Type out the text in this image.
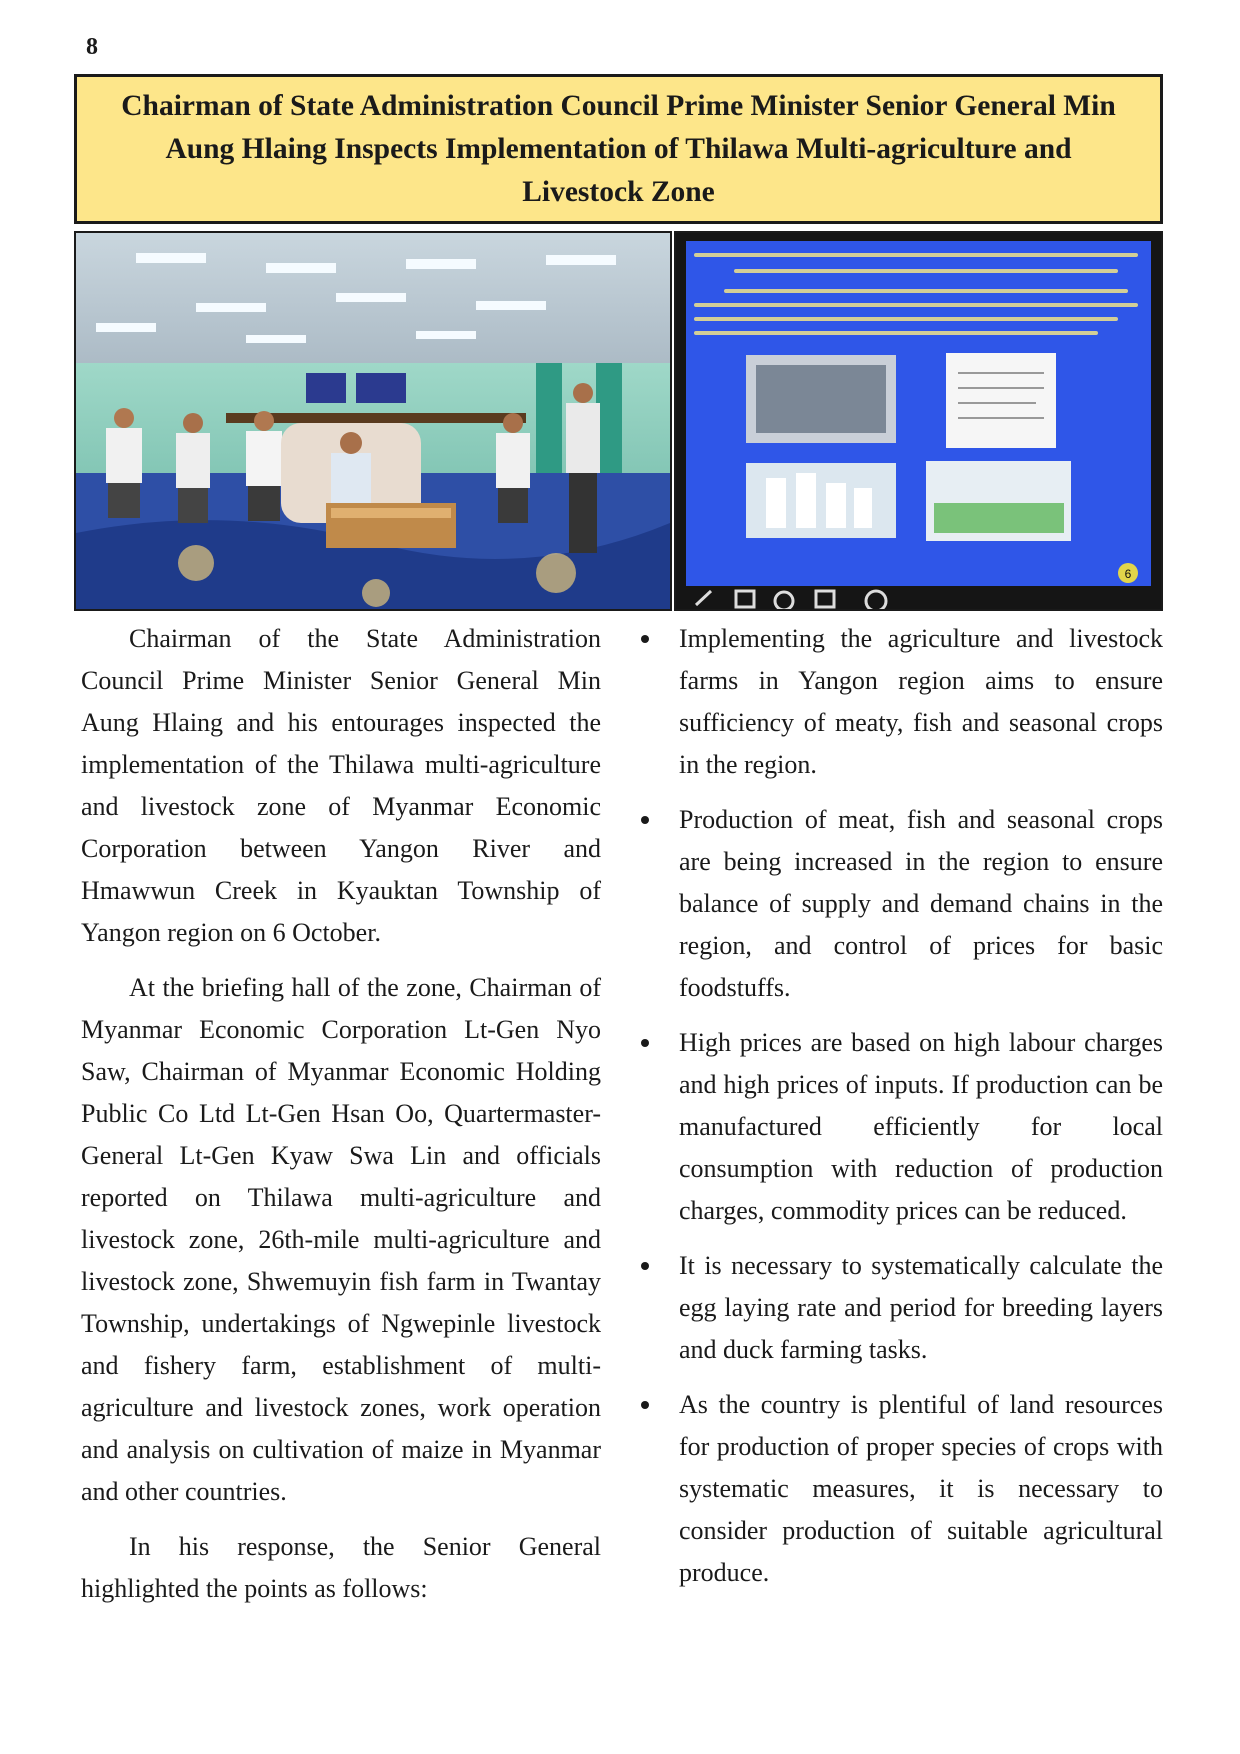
8
Chairman of State Administration Council Prime Minister Senior General Min Aung Hlaing Inspects Implementation of Thilawa Multi-agriculture and Livestock Zone
6

Chairman of the State Administration Council Prime Minister Senior General Min Aung Hlaing and his entourages inspected the implementation of the Thilawa multi-agriculture and livestock zone of Myanmar Economic Corporation between Yangon River and Hmawwun Creek in Kyauktan Township of Yangon region on 6 October.

At the briefing hall of the zone, Chairman of Myanmar Economic Corporation Lt-Gen Nyo Saw, Chairman of Myanmar Economic Holding Public Co Ltd Lt-Gen Hsan Oo, Quartermaster- General Lt-Gen Kyaw Swa Lin and officials reported on Thilawa multi-agriculture and livestock zone, 26th-mile multi-agriculture and livestock zone, Shwemuyin fish farm in Twantay Township, undertakings of Ngwepinle livestock and fishery farm, establishment of multi-agriculture and livestock zones, work operation and analysis on cultivation of maize in Myanmar and other countries.

In his response, the Senior General highlighted the points as follows:

Implementing the agriculture and livestock farms in Yangon region aims to ensure sufficiency of meaty, fish and seasonal crops in the region.
Production of meat, fish and seasonal crops are being increased in the region to ensure balance of supply and demand chains in the region, and control of prices for basic foodstuffs.
High prices are based on high labour charges and high prices of inputs. If production can be manufactured efficiently for local consumption with reduction of production charges, commodity prices can be reduced.
It is necessary to systematically calculate the egg laying rate and period for breeding layers and duck farming tasks.
As the country is plentiful of land resources for production of proper species of crops with systematic measures, it is necessary to consider production of suitable agricultural produce.
